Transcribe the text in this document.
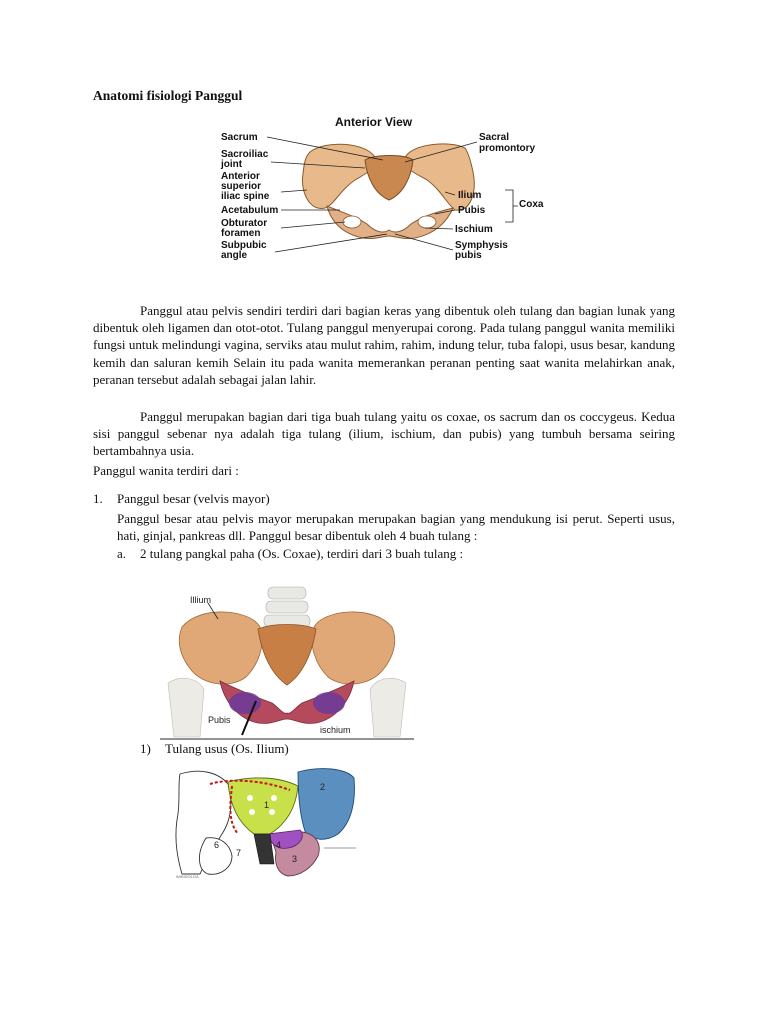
Anatomi fisiologi Panggul
Anterior View
Sacrum
Sacroiliac
joint
Anterior
superior
iliac spine
Acetabulum
Obturator
foramen
Subpubic
angle
Sacral
promontory
Ilium
Pubis
Ischium
Symphysis
pubis
Coxa

Panggul atau pelvis sendiri terdiri dari bagian keras yang dibentuk oleh tulang dan bagian lunak yang dibentuk oleh ligamen dan otot-otot. Tulang panggul menyerupai corong. Pada tulang panggul wanita memiliki fungsi untuk melindungi vagina, serviks atau mulut rahim, rahim, indung telur, tuba falopi, usus besar, kandung kemih dan saluran kemih Selain itu pada wanita memerankan peranan penting saat wanita melahirkan anak, peranan tersebut adalah sebagai jalan lahir.

Panggul merupakan bagian dari tiga buah tulang yaitu os coxae, os sacrum dan os coccygeus. Kedua sisi panggul sebenar nya adalah tiga tulang (ilium, ischium, dan pubis) yang tumbuh bersama seiring bertambahnya usia.

Panggul wanita terdiri dari :

1. Panggul besar (velvis mayor)

Panggul besar atau pelvis mayor merupakan merupakan bagian yang mendukung isi perut. Seperti usus, hati, ginjal, pankreas dll. Panggul besar dibentuk oleh 4 buah tulang :

a. 2 tulang pangkal paha (Os. Coxae), terdiri dari 3 buah tulang :
Illium
Pubis
ischium
1) Tulang usus (Os. Ilium)
1
2
3
4
6
7
WIKIDOLGA
